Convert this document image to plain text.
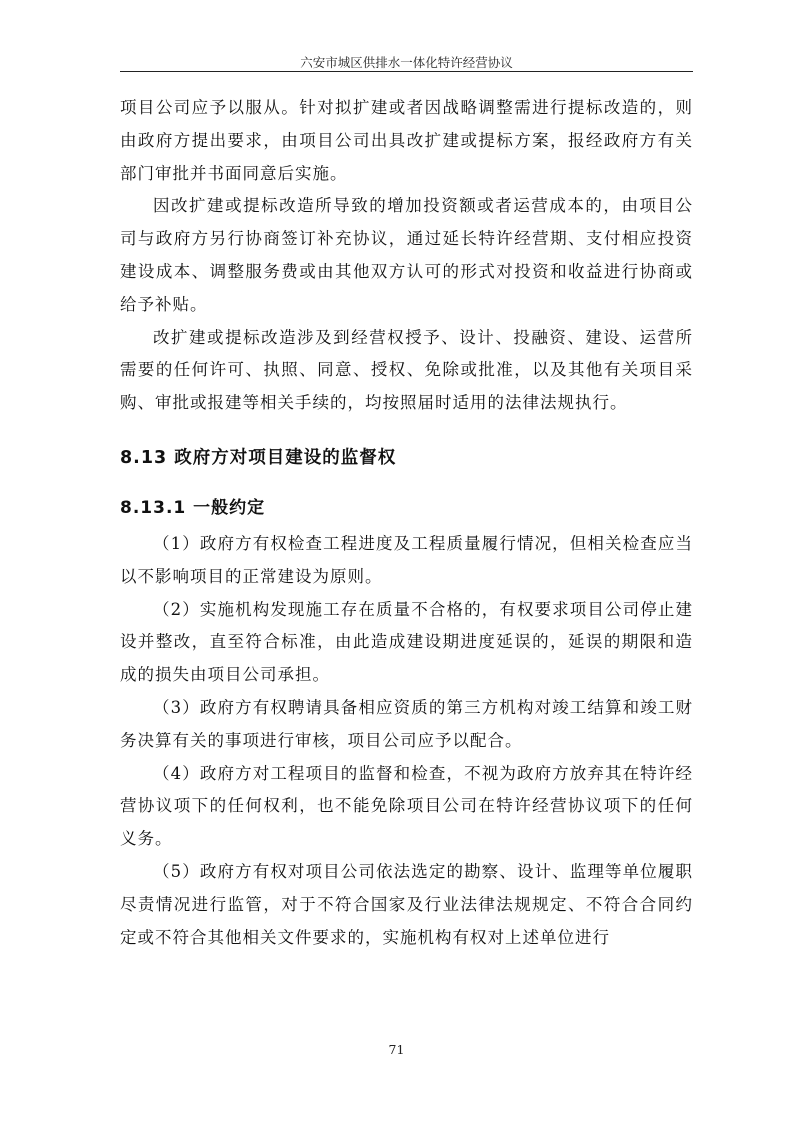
六安市城区供排水一体化特许经营协议

项目公司应予以服从。针对拟扩建或者因战略调整需进行提标改造的，则由政府方提出要求，由项目公司出具改扩建或提标方案，报经政府方有关部门审批并书面同意后实施。

因改扩建或提标改造所导致的增加投资额或者运营成本的，由项目公司与政府方另行协商签订补充协议，通过延长特许经营期、支付相应投资建设成本、调整服务费或由其他双方认可的形式对投资和收益进行协商或给予补贴。

改扩建或提标改造涉及到经营权授予、设计、投融资、建设、运营所需要的任何许可、执照、同意、授权、免除或批准，以及其他有关项目采购、审批或报建等相关手续的，均按照届时适用的法律法规执行。

8.13 政府方对项目建设的监督权
8.13.1 一般约定

（1）政府方有权检查工程进度及工程质量履行情况，但相关检查应当以不影响项目的正常建设为原则。

（2）实施机构发现施工存在质量不合格的，有权要求项目公司停止建设并整改，直至符合标准，由此造成建设期进度延误的，延误的期限和造成的损失由项目公司承担。

（3）政府方有权聘请具备相应资质的第三方机构对竣工结算和竣工财务决算有关的事项进行审核，项目公司应予以配合。

（4）政府方对工程项目的监督和检查，不视为政府方放弃其在特许经营协议项下的任何权利，也不能免除项目公司在特许经营协议项下的任何义务。

（5）政府方有权对项目公司依法选定的勘察、设计、监理等单位履职尽责情况进行监管，对于不符合国家及行业法律法规规定、不符合合同约定或不符合其他相关文件要求的，实施机构有权对上述单位进行

71
